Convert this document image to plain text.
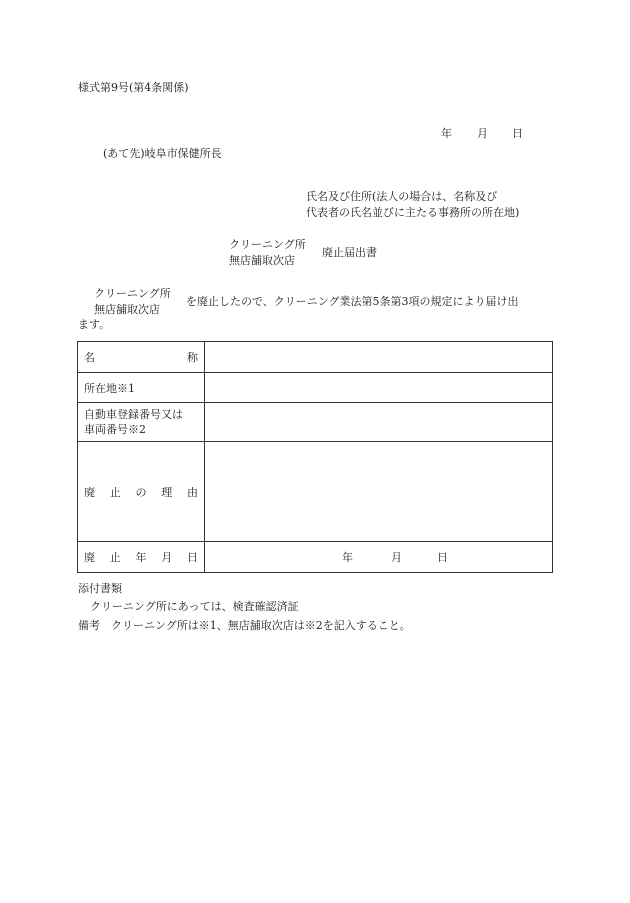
様式第9号(第4条関係)
年 月 日
(あて先)岐阜市保健所長
氏名及び住所(法人の場合は、名称及び
代表者の氏名並びに主たる事務所の所在地)
クリーニング所
無店舗取次店
廃止届出書
クリーニング所
無店舗取次店
を廃止したので、クリーニング業法第5条第3項の規定により届け出
ます。
名 称	

所在地※1	

自動車登録番号又は
車両番号※2	

廃 止 の 理 由	

廃 止 年 月 日	年 月 日
添付書類
クリーニング所にあっては、検査確認済証
備考　クリーニング所は※1、無店舗取次店は※2を記入すること。
